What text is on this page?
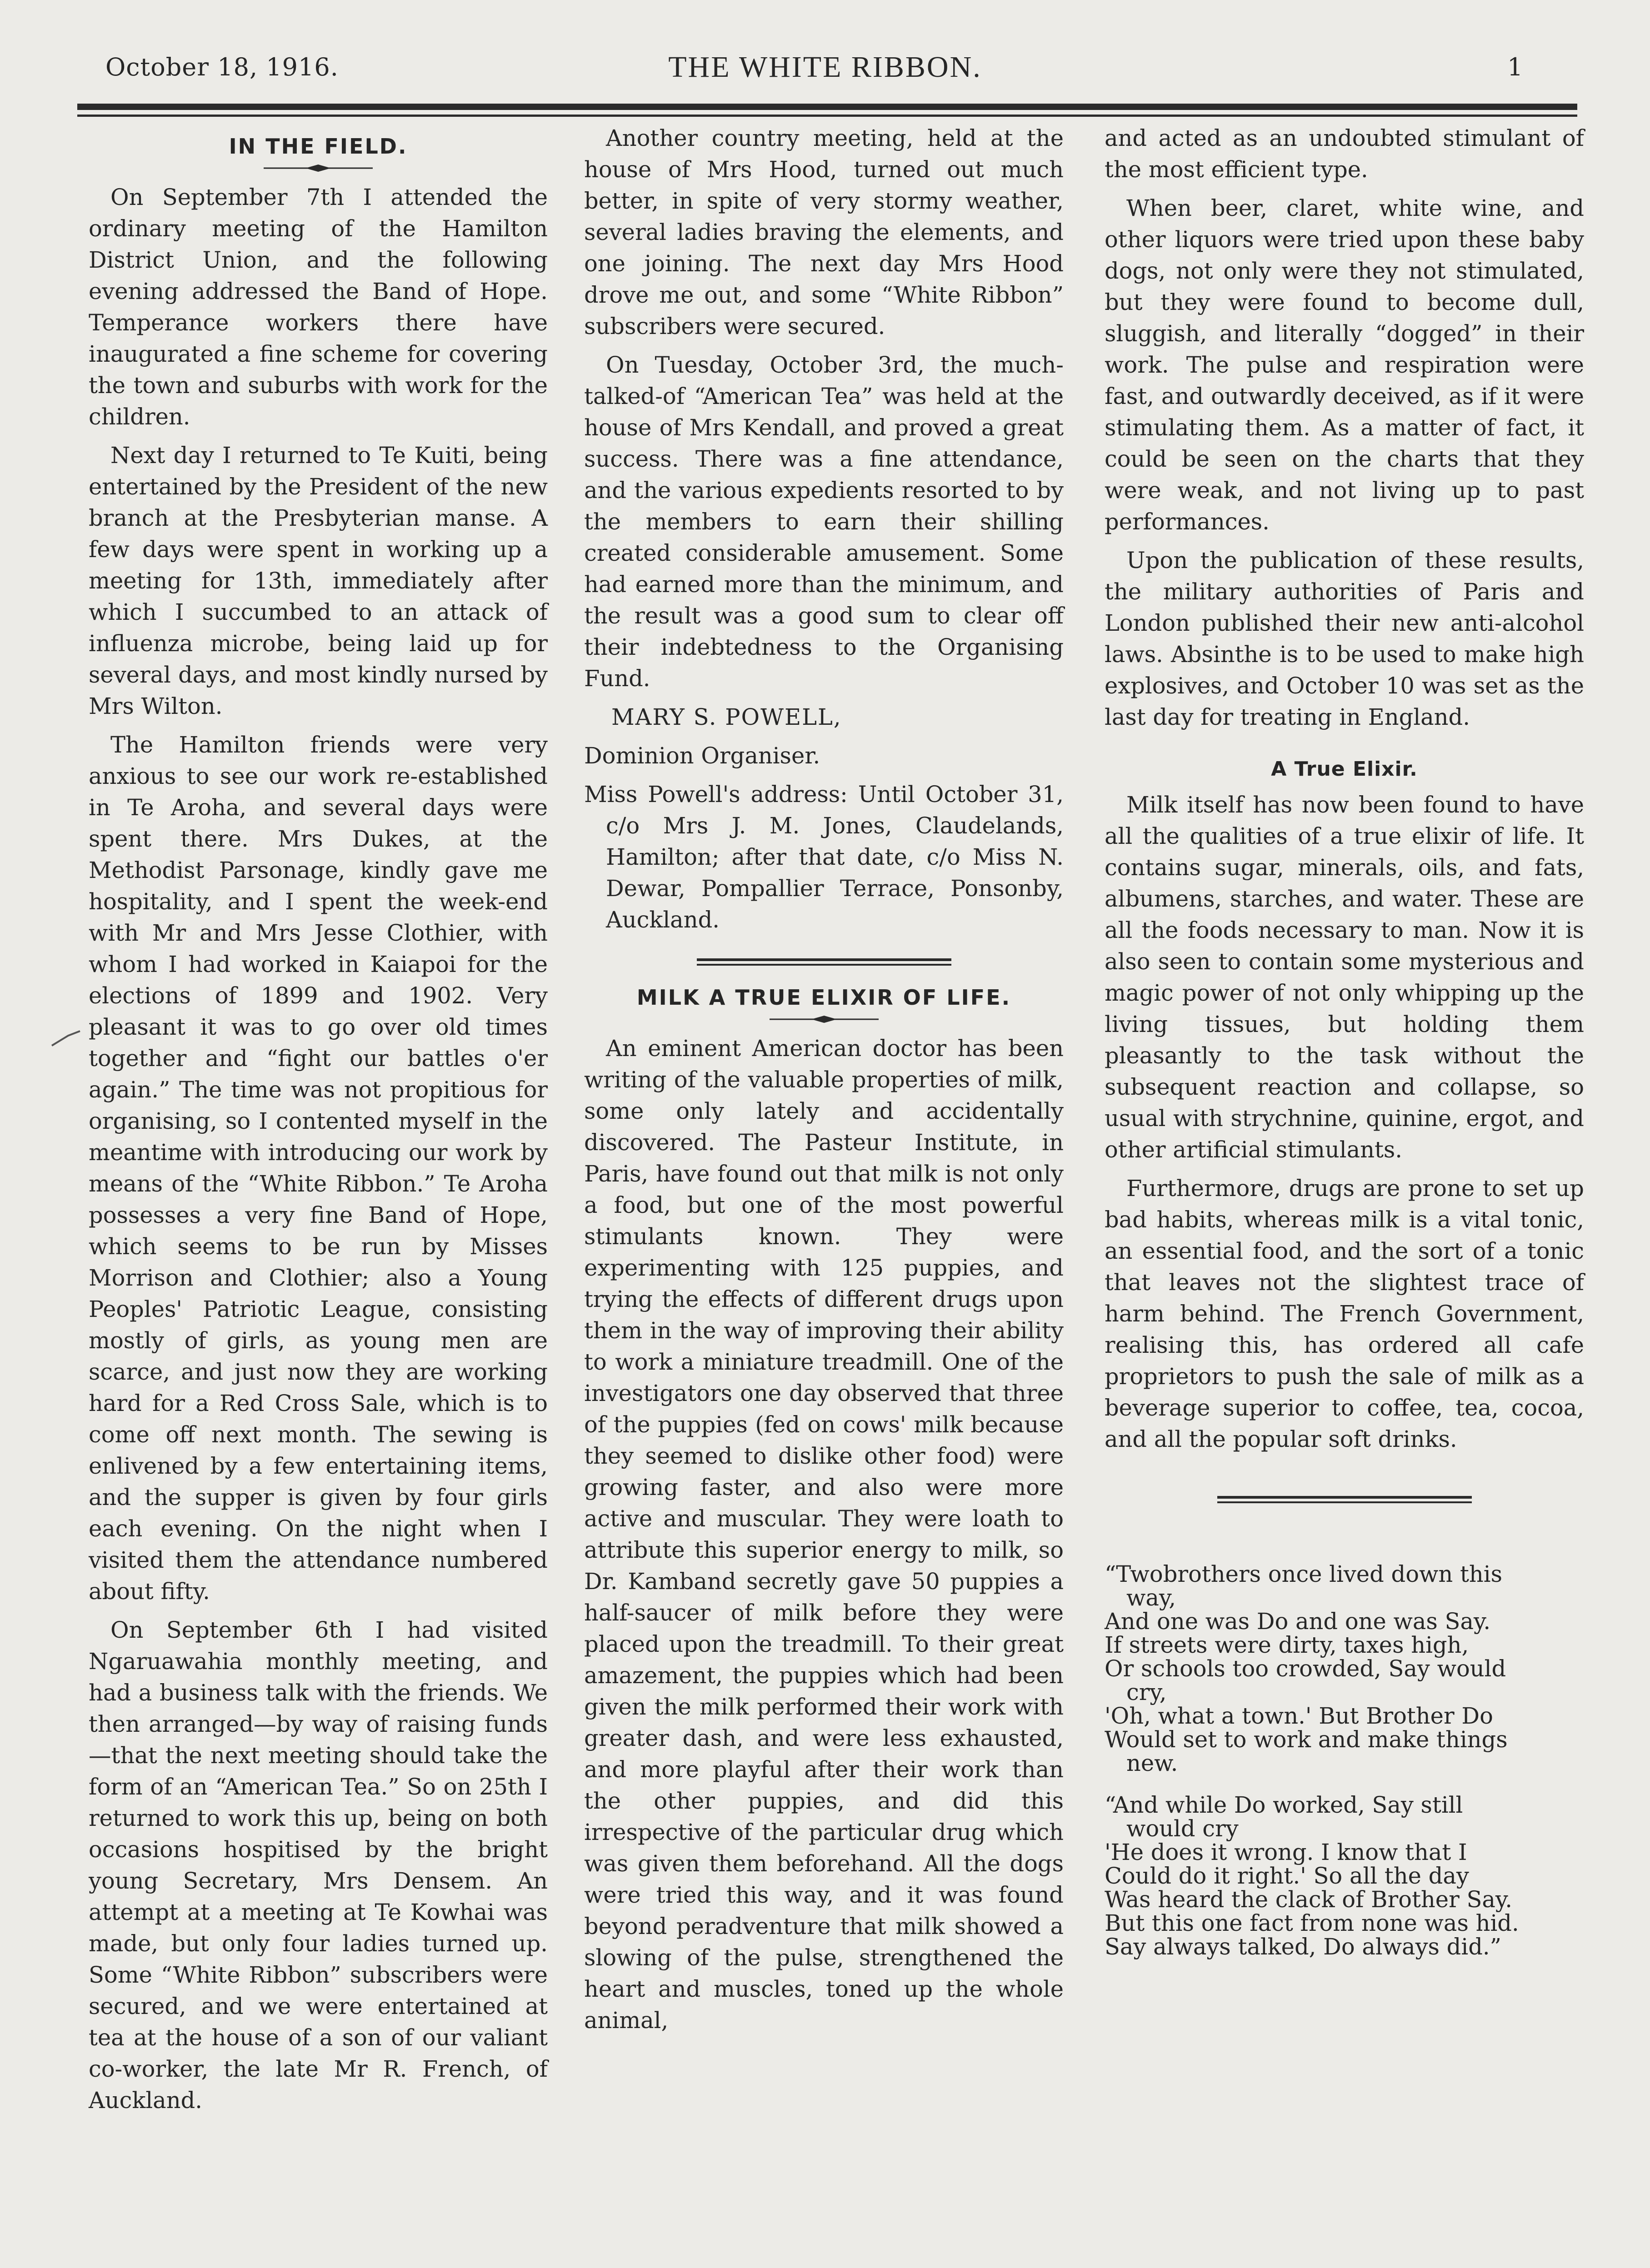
October 18, 1916.	THE WHITE RIBBON.	1
IN THE FIELD.

On September 7th I attended the ordinary meeting of the Hamilton District Union, and the following evening addressed the Band of Hope. Temperance workers there have inaugurated a fine scheme for covering the town and suburbs with work for the children.

Next day I returned to Te Kuiti, being entertained by the President of the new branch at the Presbyterian manse. A few days were spent in working up a meeting for 13th, immediately after which I succumbed to an attack of influenza microbe, being laid up for several days, and most kindly nursed by Mrs Wilton.

The Hamilton friends were very anxious to see our work re-established in Te Aroha, and several days were spent there. Mrs Dukes, at the Methodist Parsonage, kindly gave me hospitality, and I spent the week-end with Mr and Mrs Jesse Clothier, with whom I had worked in Kaiapoi for the elections of 1899 and 1902. Very pleasant it was to go over old times together and “fight our battles o'er again.” The time was not propitious for organising, so I contented myself in the meantime with introducing our work by means of the “White Ribbon.” Te Aroha possesses a very fine Band of Hope, which seems to be run by Misses Morrison and Clothier; also a Young Peoples' Patriotic League, consisting mostly of girls, as young men are scarce, and just now they are working hard for a Red Cross Sale, which is to come off next month. The sewing is enlivened by a few entertaining items, and the supper is given by four girls each evening. On the night when I visited them the attendance numbered about fifty.

On September 6th I had visited Ngaruawahia monthly meeting, and had a business talk with the friends. We then arranged—by way of raising funds—that the next meeting should take the form of an “American Tea.” So on 25th I returned to work this up, being on both occasions hospitised by the bright young Secretary, Mrs Densem. An attempt at a meeting at Te Kowhai was made, but only four ladies turned up. Some “White Ribbon” subscribers were secured, and we were entertained at tea at the house of a son of our valiant co-worker, the late Mr R. French, of Auckland.

Another country meeting, held at the house of Mrs Hood, turned out much better, in spite of very stormy weather, several ladies braving the elements, and one joining. The next day Mrs Hood drove me out, and some “White Ribbon” subscribers were secured.

On Tuesday, October 3rd, the much-talked-of “American Tea” was held at the house of Mrs Kendall, and proved a great success. There was a fine attendance, and the various expedients resorted to by the members to earn their shilling created considerable amusement. Some had earned more than the minimum, and the result was a good sum to clear off their indebtedness to the Organising Fund.

MARY S. POWELL,

Dominion Organiser.

Miss Powell's address: Until October 31, c/o Mrs J. M. Jones, Claudelands, Hamilton; after that date, c/o Miss N. Dewar, Pompallier Terrace, Ponsonby, Auckland.

MILK A TRUE ELIXIR OF LIFE.

An eminent American doctor has been writing of the valuable properties of milk, some only lately and accidentally discovered. The Pasteur Institute, in Paris, have found out that milk is not only a food, but one of the most powerful stimulants known. They were experimenting with 125 puppies, and trying the effects of different drugs upon them in the way of improving their ability to work a miniature treadmill. One of the investigators one day observed that three of the puppies (fed on cows' milk because they seemed to dislike other food) were growing faster, and also were more active and muscular. They were loath to attribute this superior energy to milk, so Dr. Kamband secretly gave 50 puppies a half-saucer of milk before they were placed upon the treadmill. To their great amazement, the puppies which had been given the milk performed their work with greater dash, and were less exhausted, and more playful after their work than the other puppies, and did this irrespective of the particular drug which was given them beforehand. All the dogs were tried this way, and it was found beyond peradventure that milk showed a slowing of the pulse, strengthened the heart and muscles, toned up the whole animal,

and acted as an undoubted stimulant of the most efficient type.

When beer, claret, white wine, and other liquors were tried upon these baby dogs, not only were they not stimulated, but they were found to become dull, sluggish, and literally “dogged” in their work. The pulse and respiration were fast, and outwardly deceived, as if it were stimulating them. As a matter of fact, it could be seen on the charts that they were weak, and not living up to past performances.

Upon the publication of these results, the military authorities of Paris and London published their new anti-alcohol laws. Absinthe is to be used to make high explosives, and October 10 was set as the last day for treating in England.

A True Elixir.

Milk itself has now been found to have all the qualities of a true elixir of life. It contains sugar, minerals, oils, and fats, albumens, starches, and water. These are all the foods necessary to man. Now it is also seen to contain some mysterious and magic power of not only whipping up the living tissues, but holding them pleasantly to the task without the subsequent reaction and collapse, so usual with strychnine, quinine, ergot, and other artificial stimulants.

Furthermore, drugs are prone to set up bad habits, whereas milk is a vital tonic, an essential food, and the sort of a tonic that leaves not the slightest trace of harm behind. The French Government, realising this, has ordered all cafe proprietors to push the sale of milk as a beverage superior to coffee, tea, cocoa, and all the popular soft drinks.

“Twobrothers once lived down this
way,
And one was Do and one was Say.
If streets were dirty, taxes high,
Or schools too crowded, Say would
cry,
'Oh, what a town.' But Brother Do
Would set to work and make things
new.

“And while Do worked, Say still
would cry
'He does it wrong. I know that I
Could do it right.' So all the day
Was heard the clack of Brother Say.
But this one fact from none was hid.
Say always talked, Do always did.”
